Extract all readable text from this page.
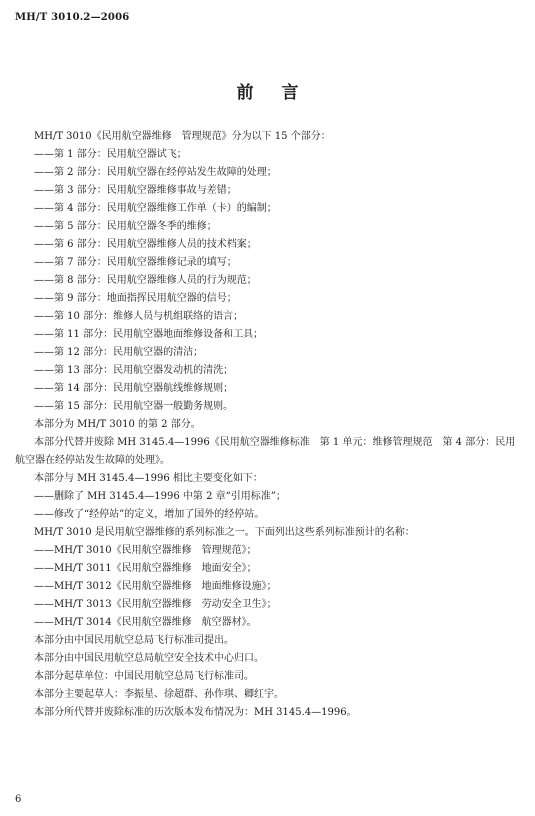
MH/T 3010.2—2006
前 言

MH/T 3010《民用航空器维修　管理规范》分为以下 15 个部分：

——第 1 部分：民用航空器试飞；

——第 2 部分：民用航空器在经停站发生故障的处理；

——第 3 部分：民用航空器维修事故与差错；

——第 4 部分：民用航空器维修工作单（卡）的编制；

——第 5 部分：民用航空器冬季的维修；

——第 6 部分：民用航空器维修人员的技术档案；

——第 7 部分：民用航空器维修记录的填写；

——第 8 部分：民用航空器维修人员的行为规范；

——第 9 部分：地面指挥民用航空器的信号；

——第 10 部分：维修人员与机组联络的语言；

——第 11 部分：民用航空器地面维修设备和工具；

——第 12 部分：民用航空器的清洁；

——第 13 部分：民用航空器发动机的清洗；

——第 14 部分：民用航空器航线维修规则；

——第 15 部分：民用航空器一般勤务规则。

本部分为 MH/T 3010 的第 2 部分。

本部分代替并废除 MH 3145.4—1996《民用航空器维修标准　第 1 单元：维修管理规范　第 4 部分：民用航空器在经停站发生故障的处理》。

本部分与 MH 3145.4—1996 相比主要变化如下：

——删除了 MH 3145.4—1996 中第 2 章“引用标准”；

——修改了“经停站”的定义，增加了国外的经停站。

MH/T 3010 是民用航空器维修的系列标准之一。下面列出这些系列标准预计的名称：

——MH/T 3010《民用航空器维修　管理规范》；

——MH/T 3011《民用航空器维修　地面安全》；

——MH/T 3012《民用航空器维修　地面维修设施》；

——MH/T 3013《民用航空器维修　劳动安全卫生》；

——MH/T 3014《民用航空器维修　航空器材》。

本部分由中国民用航空总局飞行标准司提出。

本部分由中国民用航空总局航空安全技术中心归口。

本部分起草单位：中国民用航空总局飞行标准司。

本部分主要起草人：李振星、徐超群、孙作琪、卿红宇。

本部分所代替并废除标准的历次版本发布情况为：MH 3145.4—1996。

6
